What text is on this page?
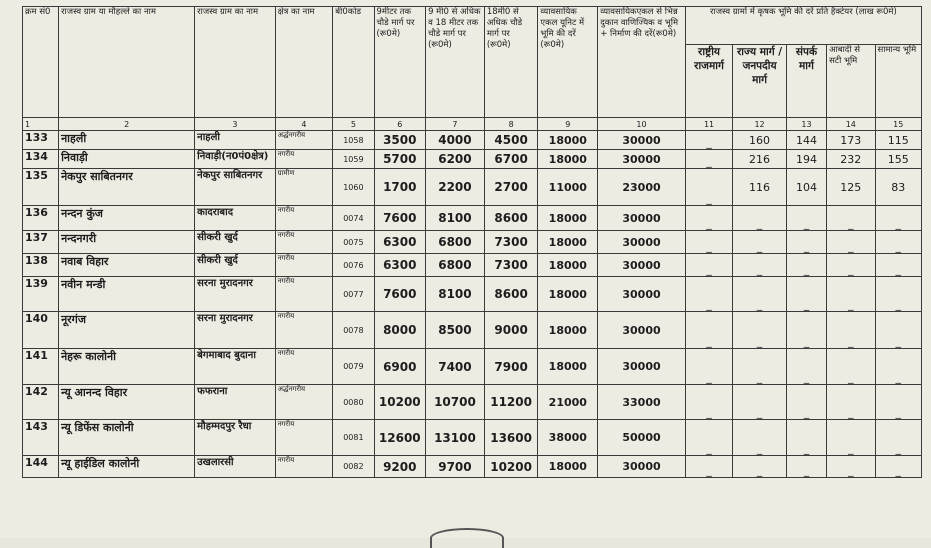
क्रम सं0	राजस्व ग्राम या मौहल्ले का नाम	राजस्व ग्राम का नाम	क्षेत्र का नाम	बी0कोड	9मीटर तक चौडे मार्ग पर (रू0मे)	9 मी0 से अधिक व 18 मीटर तक चौडे मार्ग पर (रू0मे)	18मी0 से अधिक चौडे मार्ग पर (रू0मे)	व्यावसायिक एकल यूनिट में भूमि की दरें (रू0मे)	व्यावसायिकएकल से भिन्न दुकान वाणिज्यिक व भूमि + निर्माण की दरें(रू0मे)	राजस्व ग्रामों में कृषक भूमि की दरें प्रति हैक्टेयर (लाख रू0मे)				
										राष्ट्रीय राजमार्ग	राज्य मार्ग /जनपदीय मार्ग	संपर्क मार्ग	आबादी से सटी भूमि	सामान्य भूमि
1	2	3	4	5	6	7	8	9	10	11	12	13	14	15
133	नाहली	नाहली	अर्द्धनगरीय	1058	3500	4000	4500	18000	30000	_	160	144	173	115
134	निवाड़ी	निवाड़ी(न0पं0क्षेत्र)	नगरीय	1059	5700	6200	6700	18000	30000	_	216	194	232	155
135	नेकपुर साबितनगर	नेकपुर साबितनगर	ग्रामीण	1060	1700	2200	2700	11000	23000	_	116	104	125	83
136	नन्दन कुंज	कादराबाद	नगरीय	0074	7600	8100	8600	18000	30000	_	_	_	_	_
137	नन्दनगरी	सीकरी खुर्द	नगरीय	0075	6300	6800	7300	18000	30000	_	_	_	_	_
138	नवाब विहार	सीकरी खुर्द	नगरीय	0076	6300	6800	7300	18000	30000	_	_	_	_	_
139	नवीन मन्डी	सरना मुरादनगर	नगरीय	0077	7600	8100	8600	18000	30000	_	_	_	_	_
140	नूरगंज	सरना मुरादनगर	नगरीय	0078	8000	8500	9000	18000	30000	_	_	_	_	_
141	नेहरू कालोनी	बेगमाबाद बुदाना	नगरीय	0079	6900	7400	7900	18000	30000	_	_	_	_	_
142	न्यू आनन्द विहार	फफराना	अर्द्धनगरीय	0080	10200	10700	11200	21000	33000	_	_	_	_	_
143	न्यू डिफेंस कालोनी	मौहम्मदपुर रैधा	नगरीय	0081	12600	13100	13600	38000	50000	_	_	_	_	_
144	न्यू हाईडिल कालोनी	उखलारसी	नगरीय	0082	9200	9700	10200	18000	30000	_	_	_	_	_
